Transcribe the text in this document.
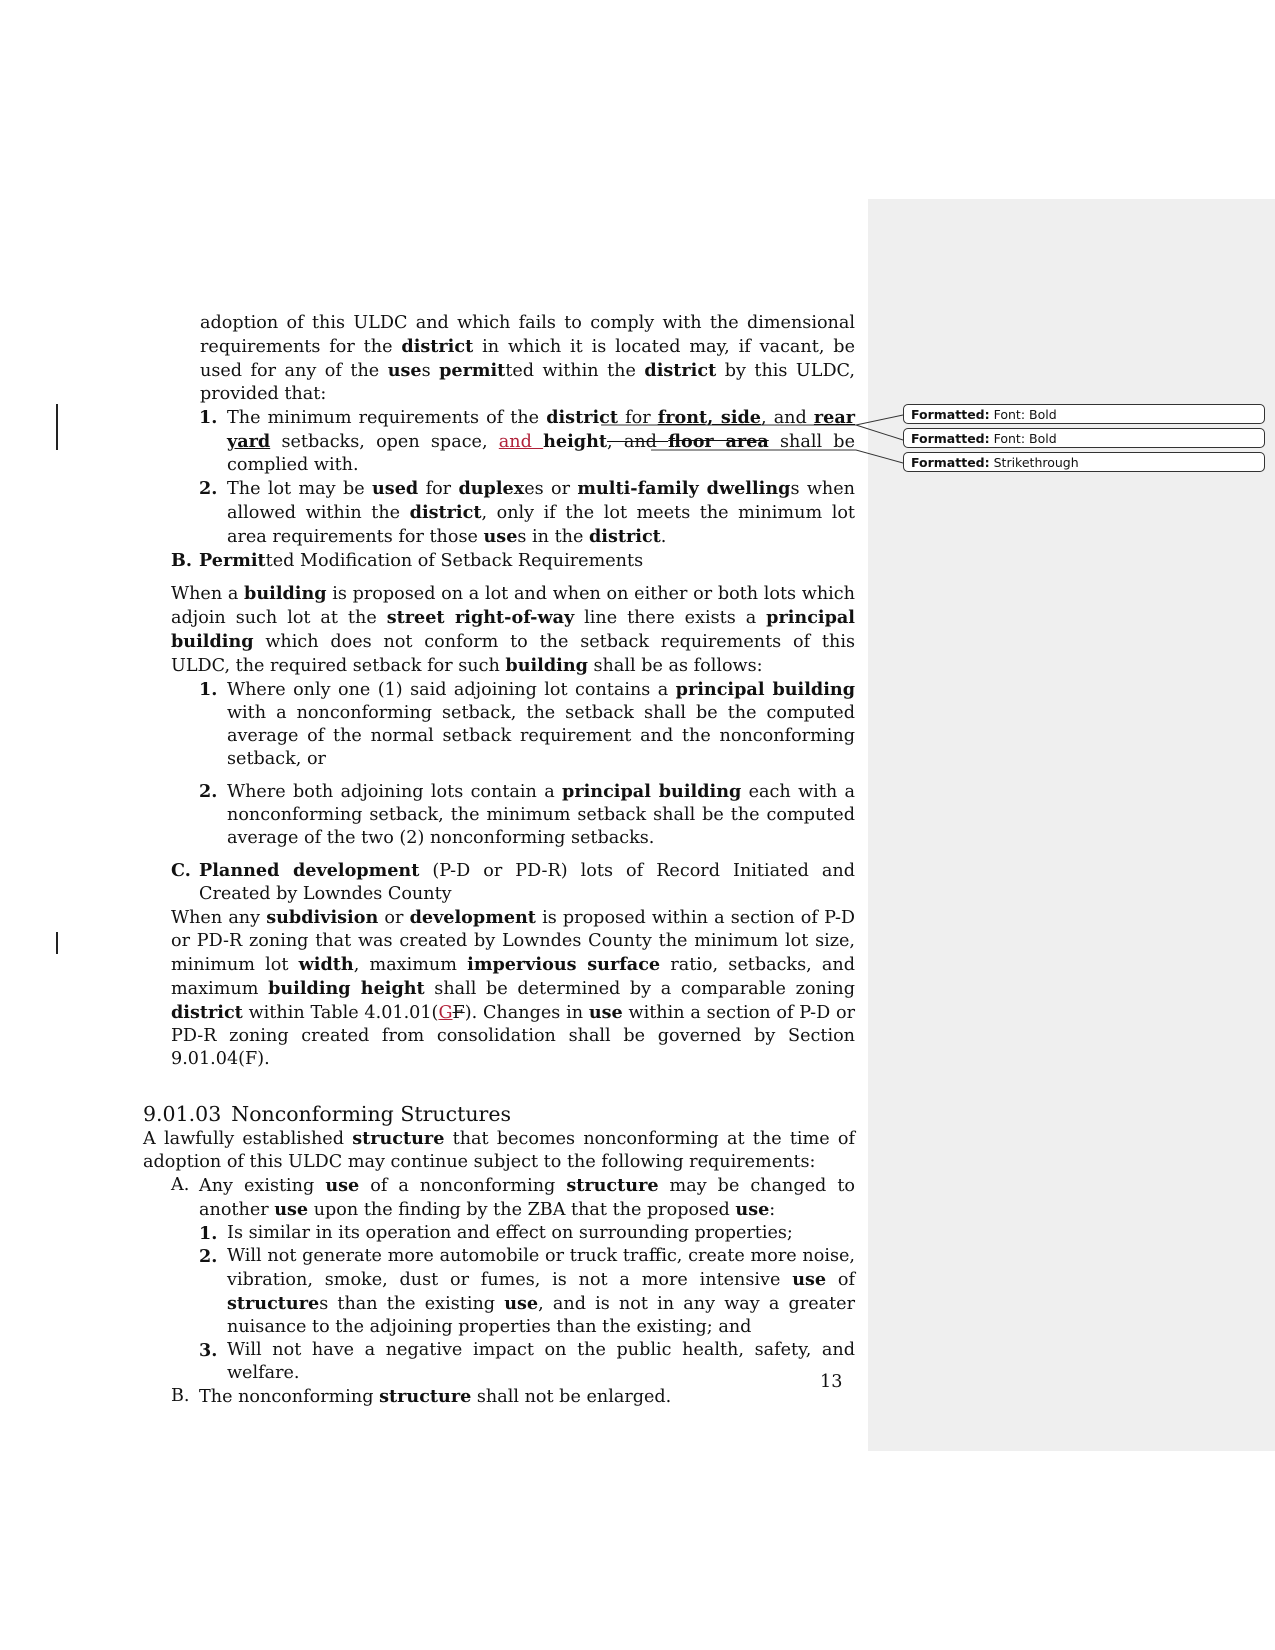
Formatted: Font: Bold
Formatted: Font: Bold
Formatted: Strikethrough

adoption of this ULDC and which fails to comply with the dimensional requirements for the district in which it is located may, if vacant, be used for any of the uses permitted within the district by this ULDC, provided that:

1. The minimum requirements of the district for front, side, and rear yard setbacks, open space, and height, and floor area shall be complied with.

2. The lot may be used for duplexes or multi-family dwellings when allowed within the district, only if the lot meets the minimum lot area requirements for those uses in the district.

B. Permitted Modification of Setback Requirements

When a building is proposed on a lot and when on either or both lots which adjoin such lot at the street right-of-way line there exists a principal building which does not conform to the setback requirements of this ULDC, the required setback for such building shall be as follows:

1. Where only one (1) said adjoining lot contains a principal building with a nonconforming setback, the setback shall be the computed average of the normal setback requirement and the nonconforming setback, or

2. Where both adjoining lots contain a principal building each with a nonconforming setback, the minimum setback shall be the computed average of the two (2) nonconforming setbacks.

C. Planned development (P-D or PD-R) lots of Record Initiated and Created by Lowndes County

When any subdivision or development is proposed within a section of P-D or PD-R zoning that was created by Lowndes County the minimum lot size, minimum lot width, maximum impervious surface ratio, setbacks, and maximum building height shall be determined by a comparable zoning district within Table 4.01.01(GF). Changes in use within a section of P-D or PD-R zoning created from consolidation shall be governed by Section 9.01.04(F).

9.01.03 Nonconforming Structures

A lawfully established structure that becomes nonconforming at the time of adoption of this ULDC may continue subject to the following requirements:

A. Any existing use of a nonconforming structure may be changed to another use upon the finding by the ZBA that the proposed use:

1. Is similar in its operation and effect on surrounding properties;

2. Will not generate more automobile or truck traffic, create more noise, vibration, smoke, dust or fumes, is not a more intensive use of structures than the existing use, and is not in any way a greater nuisance to the adjoining properties than the existing; and

3. Will not have a negative impact on the public health, safety, and welfare.

B. The nonconforming structure shall not be enlarged.

13
